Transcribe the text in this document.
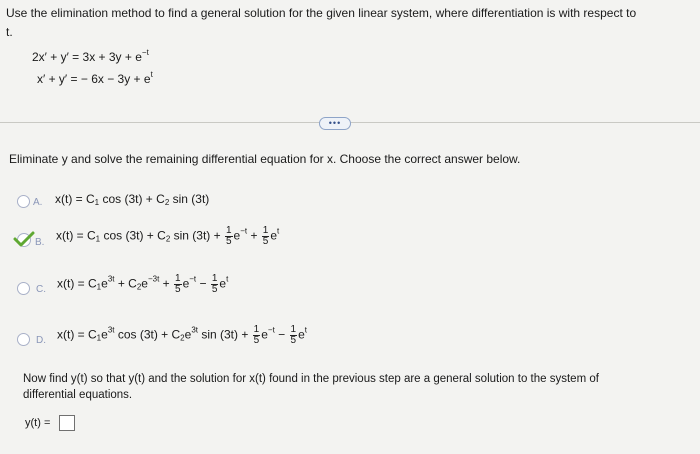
Use the elimination method to find a general solution for the given linear system, where differentiation is with respect to
t.
$2x' + y' = 3x + 3y + e^{-t}$
x′ + y′ = − $6x - 3y + e^t$
•••
Eliminate y and solve the remaining differential equation for x. Choose the correct answer below.
A. $x(t) = C_1$ $\cos (3t) + C_2$ sin (3t)
B. $x(t) = C_1$ $\cos (3t) + C_2$ $\sin (3t) + \frac{1}{5} e^{-t} + \frac{1}{5} e^t$
C. $x(t) = C_1e^{3t} + C_2e^{-3t} + \frac{1}{5} e^{-t} - \frac{1}{5} e^t$
D. $x(t) = C_1e^{3t}$ $\cos (3t) + C_2e^{3t}$ $\sin (3t) + \frac{1}{5} e^{-t} - \frac{1}{5} e^t$
Now find y(t) so that y(t) and the solution for x(t) found in the previous step are a general solution to the system of
differential equations.
y(t) =
